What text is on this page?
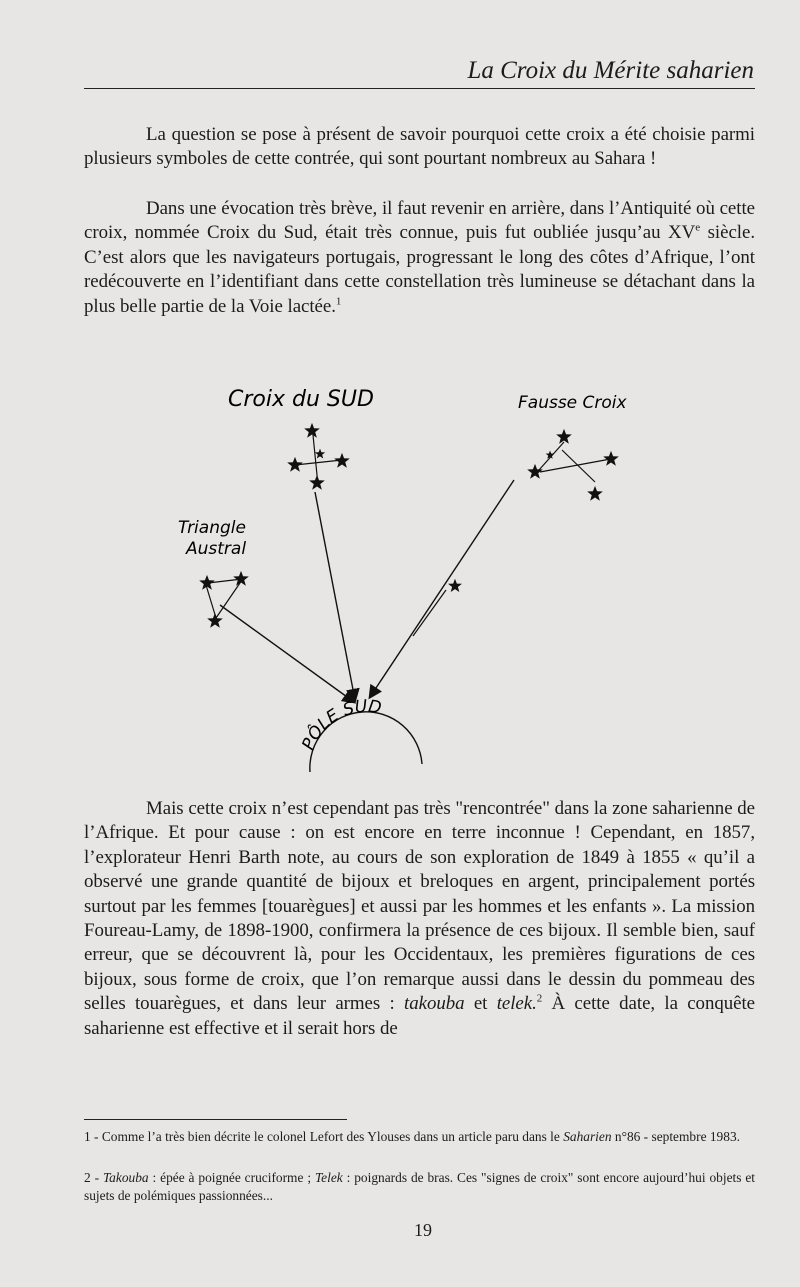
La Croix du Mérite saharien

La question se pose à présent de savoir pourquoi cette croix a été choisie parmi plusieurs symboles de cette contrée, qui sont pourtant nombreux au Sahara !

Dans une évocation très brève, il faut revenir en arrière, dans l’Antiquité où cette croix, nommée Croix du Sud, était très connue, puis fut oubliée jusqu’au XVe siècle. C’est alors que les navigateurs portugais, progressant le long des côtes d’Afrique, l’ont redécouverte en l’identifiant dans cette constellation très lumineuse se détachant dans la plus belle partie de la Voie lactée.$^1$

Croix du SUD	Fausse Croix
Triangle
Austral
PÔLE SUD

Mais cette croix n’est cependant pas très "rencontrée" dans la zone saharienne de l’Afrique. Et pour cause : on est encore en terre inconnue ! Cependant, en 1857, l’explorateur Henri Barth note, au cours de son exploration de 1849 à 1855 « qu’il a observé une grande quantité de bijoux et breloques en argent, principalement portés surtout par les femmes [touarègues] et aussi par les hommes et les enfants ». La mission Foureau-Lamy, de 1898-1900, confirmera la présence de ces bijoux. Il semble bien, sauf erreur, que se découvrent là, pour les Occidentaux, les premières figurations de ces bijoux, sous forme de croix, que l’on remarque aussi dans le dessin du pommeau des selles touarègues, et dans leur armes : takouba et telek.$^2$ À cette date, la conquête saharienne est effective et il serait hors de

1 - Comme l’a très bien décrite le colonel Lefort des Ylouses dans un article paru dans le Saharien n°86 - septembre 1983.

2 - Takouba : épée à poignée cruciforme ; Telek : poignards de bras. Ces "signes de croix" sont encore aujourd’hui objets et sujets de polémiques passionnées...

19
